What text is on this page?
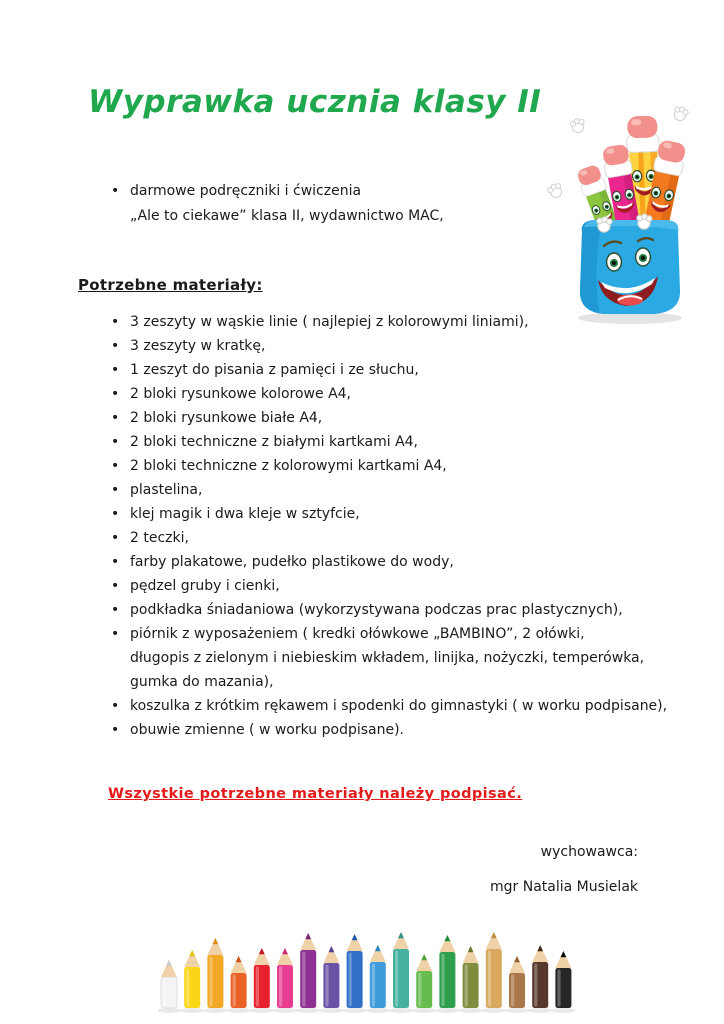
Wyprawka ucznia klasy II
• darmowe podręczniki i ćwiczenia
„Ale to ciekawe” klasa II, wydawnictwo MAC,
Potrzebne materiały:
• 3 zeszyty w wąskie linie ( najlepiej z kolorowymi liniami),
• 3 zeszyty w kratkę,
• 1 zeszyt do pisania z pamięci i ze słuchu,
• 2 bloki rysunkowe kolorowe A4,
• 2 bloki rysunkowe białe A4,
• 2 bloki techniczne z białymi kartkami A4,
• 2 bloki techniczne z kolorowymi kartkami A4,
• plastelina,
• klej magik i dwa kleje w sztyfcie,
• 2 teczki,
• farby plakatowe, pudełko plastikowe do wody,
• pędzel gruby i cienki,
• podkładka śniadaniowa (wykorzystywana podczas prac plastycznych),
• piórnik z wyposażeniem ( kredki ołówkowe „BAMBINO”, 2 ołówki,
długopis z zielonym i niebieskim wkładem, linijka, nożyczki, temperówka,
gumka do mazania),
• koszulka z krótkim rękawem i spodenki do gimnastyki ( w worku podpisane),
• obuwie zmienne ( w worku podpisane).
Wszystkie potrzebne materiały należy podpisać.
wychowawca:
mgr Natalia Musielak
